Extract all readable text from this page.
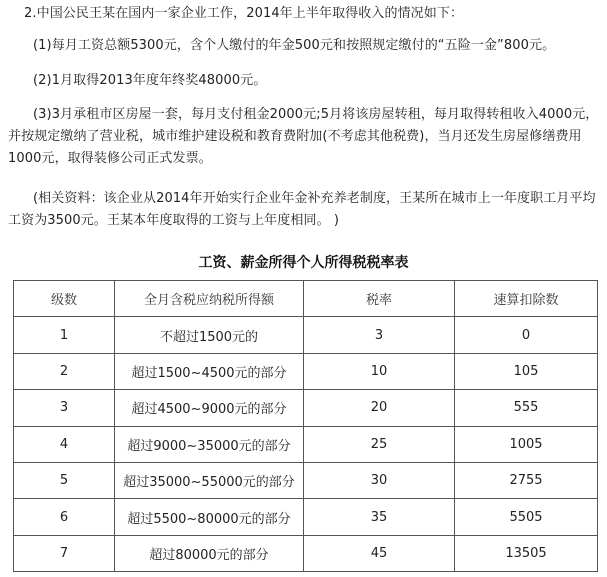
2.中国公民王某在国内一家企业工作，2014年上半年取得收入的情况如下：
(1)每月工资总额5300元，含个人缴付的年金500元和按照规定缴付的“五险一金”800元。
(2)1月取得2013年度年终奖48000元。
(3)3月承租市区房屋一套，每月支付租金2000元;5月将该房屋转租，每月取得转租收入4000元，并按规定缴纳了营业税，城市维护建设税和教育费附加(不考虑其他税费)，当月还发生房屋修缮费用1000元，取得装修公司正式发票。
(相关资料：该企业从2014年开始实行企业年金补充养老制度，王某所在城市上一年度职工月平均工资为3500元。王某本年度取得的工资与上年度相同。 )
工资、薪金所得个人所得税税率表
级数	全月含税应纳税所得额	税率	速算扣除数
1	不超过1500元的	3	0
2	超过1500~4500元的部分	10	105
3	超过4500~9000元的部分	20	555
4	超过9000~35000元的部分	25	1005
5	超过35000~55000元的部分	30	2755
6	超过5500~80000元的部分	35	5505
7	超过80000元的部分	45	13505
